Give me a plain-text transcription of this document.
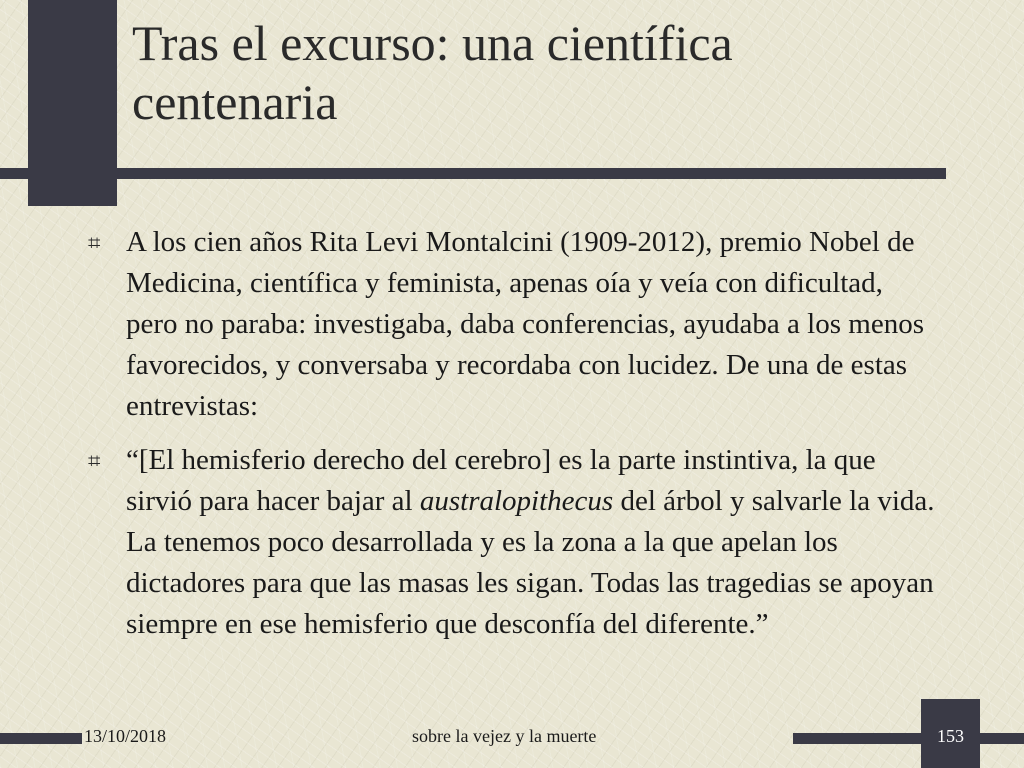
Tras el excurso: una científica
centenaria
⌗ A los cien años Rita Levi Montalcini (1909-2012), premio Nobel de Medicina, científica y feminista, apenas oía y veía con dificultad, pero no paraba: investigaba, daba conferencias, ayudaba a los menos favorecidos, y conversaba y recordaba con lucidez. De una de estas entrevistas:
⌗ “[El hemisferio derecho del cerebro] es la parte instintiva, la que sirvió para hacer bajar al australopithecus del árbol y salvarle la vida. La tenemos poco desarrollada y es la zona a la que apelan los dictadores para que las masas les sigan. Todas las tragedias se apoyan siempre en ese hemisferio que desconfía del diferente.”
13/10/2018	sobre la vejez y la muerte	153
